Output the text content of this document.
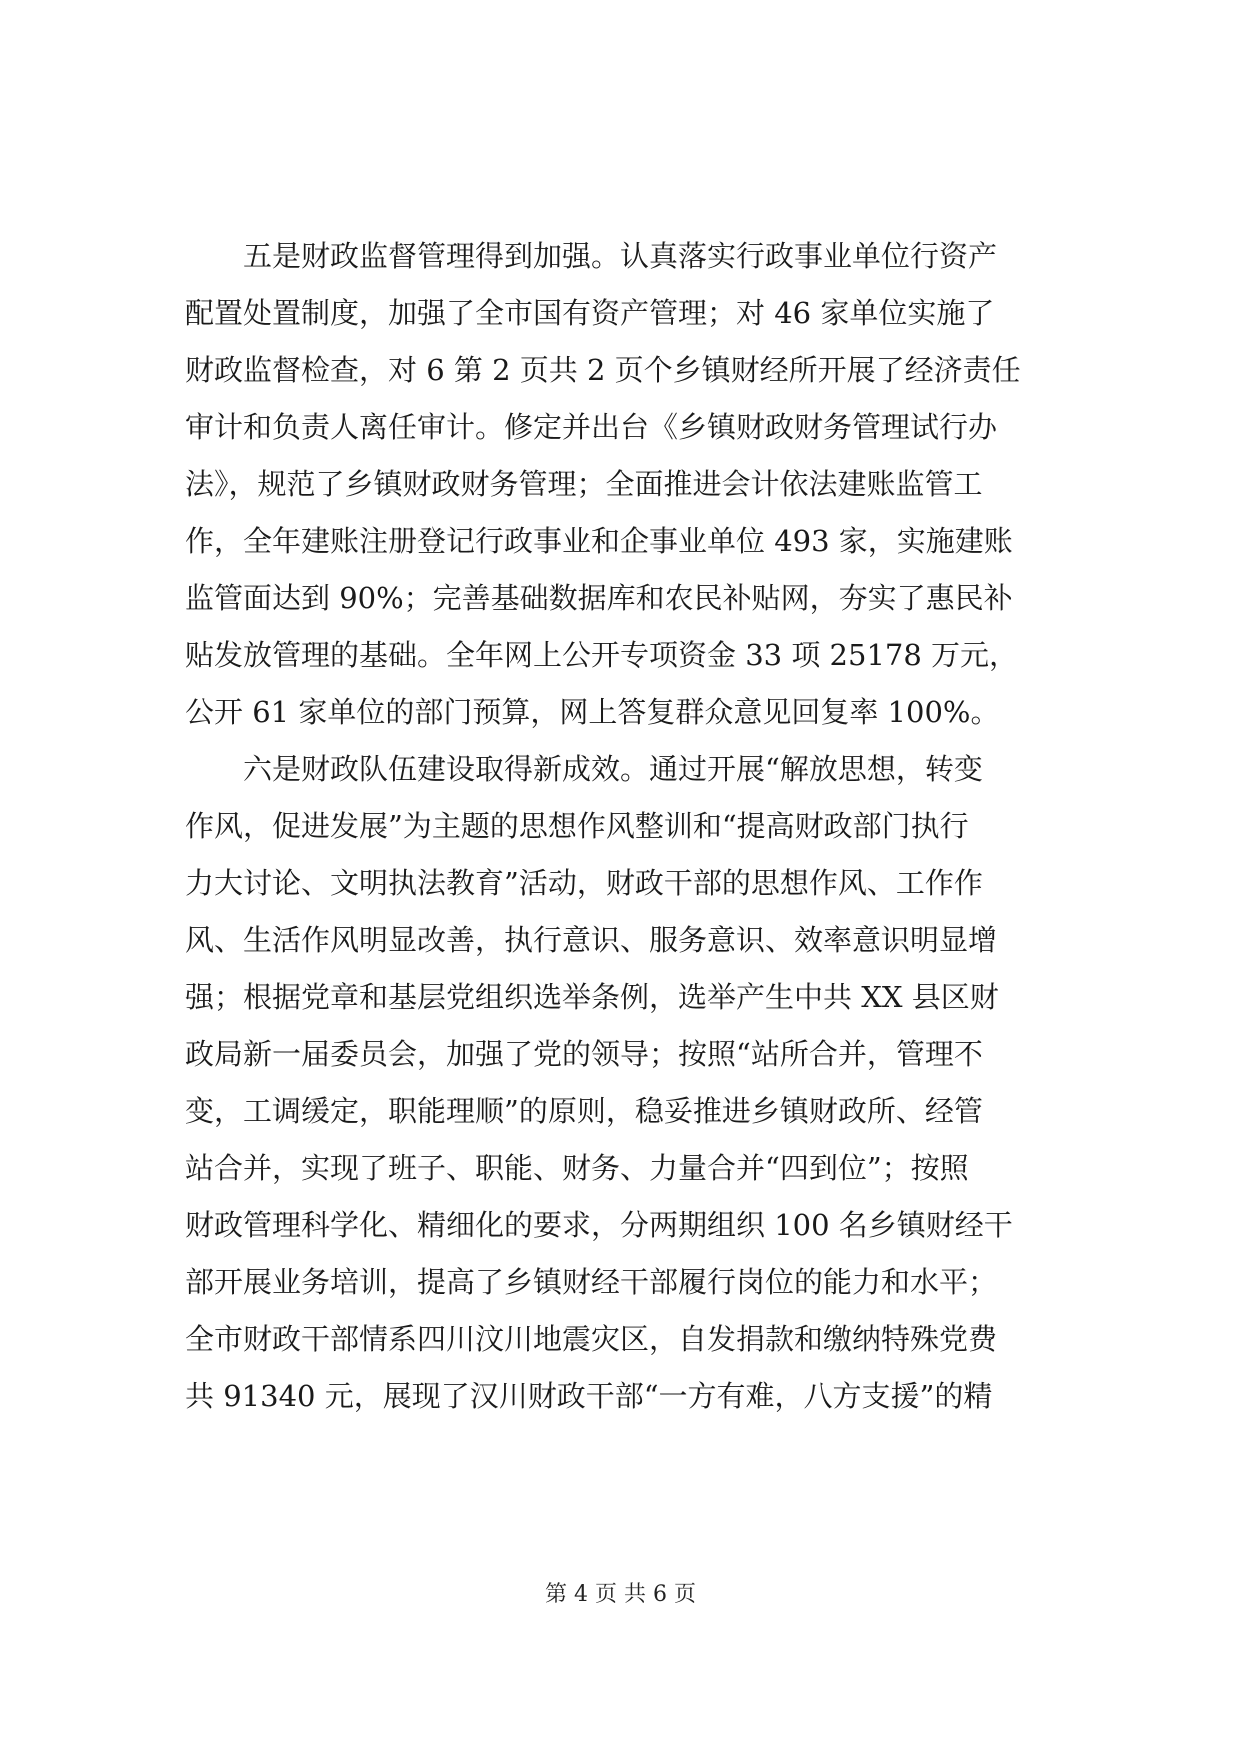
五是财政监督管理得到加强。认真落实行政事业单位行资产
配置处置制度，加强了全市国有资产管理；对 46 家单位实施了
财政监督检查，对 6 第 2 页共 2 页个乡镇财经所开展了经济责任
审计和负责人离任审计。修定并出台《乡镇财政财务管理试行办
法》，规范了乡镇财政财务管理；全面推进会计依法建账监管工
作，全年建账注册登记行政事业和企事业单位 493 家，实施建账
监管面达到 90%；完善基础数据库和农民补贴网，夯实了惠民补
贴发放管理的基础。全年网上公开专项资金 33 项 25178 万元，
公开 61 家单位的部门预算，网上答复群众意见回复率 100%。
六是财政队伍建设取得新成效。通过开展“解放思想，转变
作风，促进发展”为主题的思想作风整训和“提高财政部门执行
力大讨论、文明执法教育”活动，财政干部的思想作风、工作作
风、生活作风明显改善，执行意识、服务意识、效率意识明显增
强；根据党章和基层党组织选举条例，选举产生中共 XX 县区财
政局新一届委员会，加强了党的领导；按照“站所合并，管理不
变，工调缓定，职能理顺”的原则，稳妥推进乡镇财政所、经管
站合并，实现了班子、职能、财务、力量合并“四到位”；按照
财政管理科学化、精细化的要求，分两期组织 100 名乡镇财经干
部开展业务培训，提高了乡镇财经干部履行岗位的能力和水平；
全市财政干部情系四川汶川地震灾区，自发捐款和缴纳特殊党费
共 91340 元，展现了汉川财政干部“一方有难，八方支援”的精
第 4 页 共 6 页
